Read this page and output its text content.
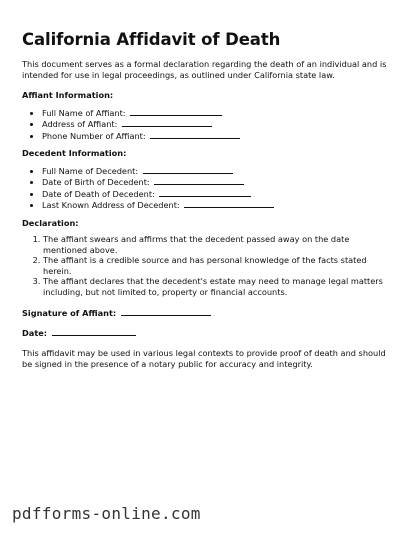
California Affidavit of Death

This document serves as a formal declaration regarding the death of an individual and is intended for use in legal proceedings, as outlined under California state law.

Affiant Information:
• Full Name of Affiant:
• Address of Affiant:
• Phone Number of Affiant:
Decedent Information:
• Full Name of Decedent:
• Date of Birth of Decedent:
• Date of Death of Decedent:
• Last Known Address of Decedent:
Declaration:
1. The affiant swears and affirms that the decedent passed away on the date mentioned above.
2. The affiant is a credible source and has personal knowledge of the facts stated herein.
3. The affiant declares that the decedent's estate may need to manage legal matters including, but not limited to, property or financial accounts.
Signature of Affiant:
Date:

This affidavit may be used in various legal contexts to provide proof of death and should be signed in the presence of a notary public for accuracy and integrity.

pdfforms-online.com
